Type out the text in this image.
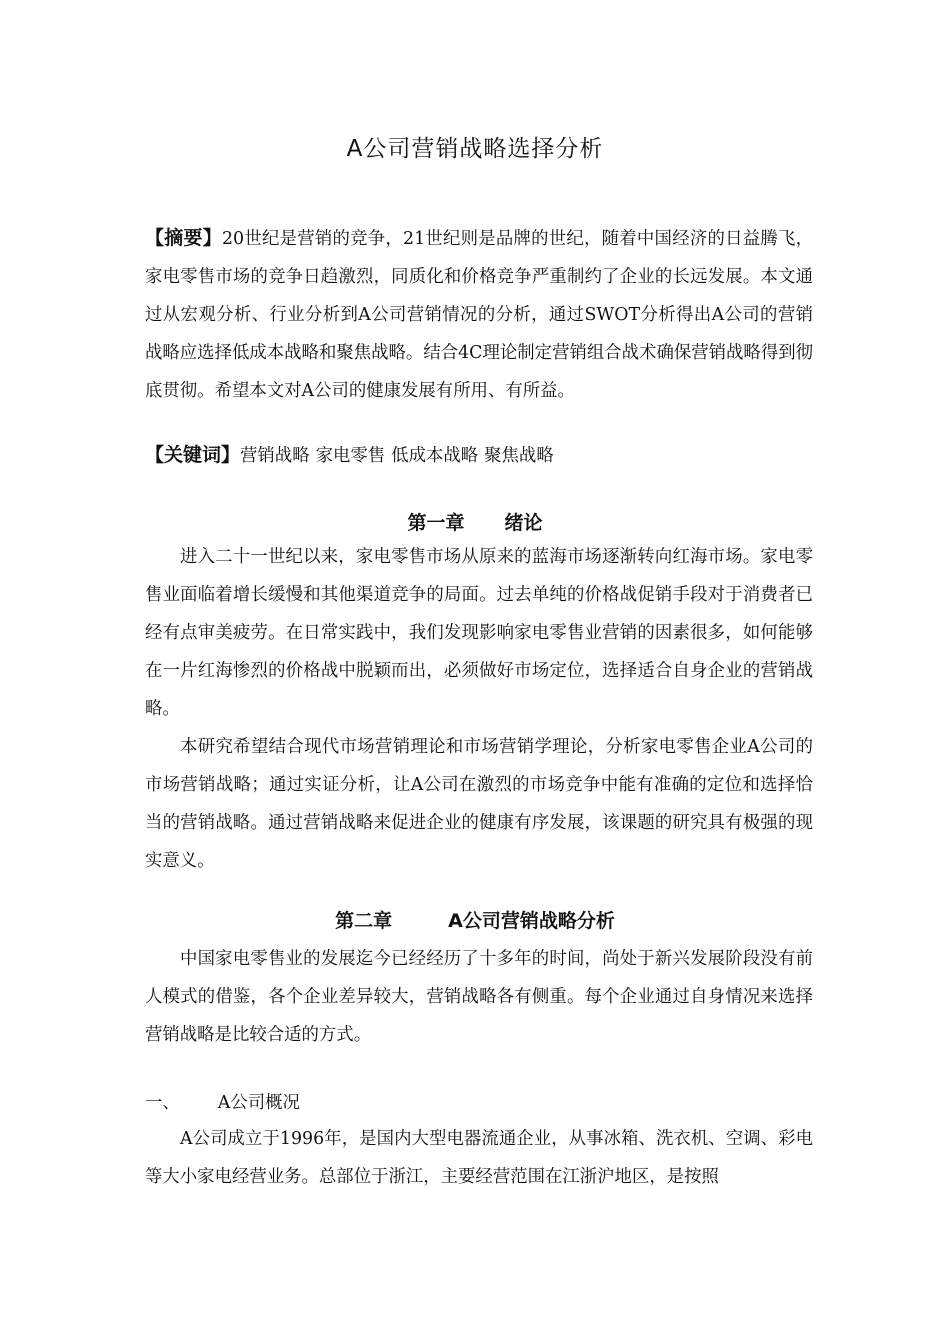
A公司营销战略选择分析
【摘要】20世纪是营销的竞争，21世纪则是品牌的世纪，随着中国经济的日益腾飞，家电零售市场的竞争日趋激烈，同质化和价格竞争严重制约了企业的长远发展。本文通过从宏观分析、行业分析到A公司营销情况的分析，通过SWOT分析得出A公司的营销战略应选择低成本战略和聚焦战略。结合4C理论制定营销组合战术确保营销战略得到彻底贯彻。希望本文对A公司的健康发展有所用、有所益。
【关键词】营销战略 家电零售 低成本战略 聚焦战略
第一章 绪论
进入二十一世纪以来，家电零售市场从原来的蓝海市场逐渐转向红海市场。家电零售业面临着增长缓慢和其他渠道竞争的局面。过去单纯的价格战促销手段对于消费者已经有点审美疲劳。在日常实践中，我们发现影响家电零售业营销的因素很多，如何能够在一片红海惨烈的价格战中脱颖而出，必须做好市场定位，选择适合自身企业的营销战略。
本研究希望结合现代市场营销理论和市场营销学理论，分析家电零售企业A公司的市场营销战略；通过实证分析，让A公司在激烈的市场竞争中能有准确的定位和选择恰当的营销战略。通过营销战略来促进企业的健康有序发展，该课题的研究具有极强的现实意义。
第二章	A公司营销战略分析
中国家电零售业的发展迄今已经经历了十多年的时间，尚处于新兴发展阶段没有前人模式的借鉴，各个企业差异较大，营销战略各有侧重。每个企业通过自身情况来选择营销战略是比较合适的方式。
一、 A公司概况
A公司成立于1996年，是国内大型电器流通企业，从事冰箱、洗衣机、空调、彩电等大小家电经营业务。总部位于浙江，主要经营范围在江浙沪地区，是按照
